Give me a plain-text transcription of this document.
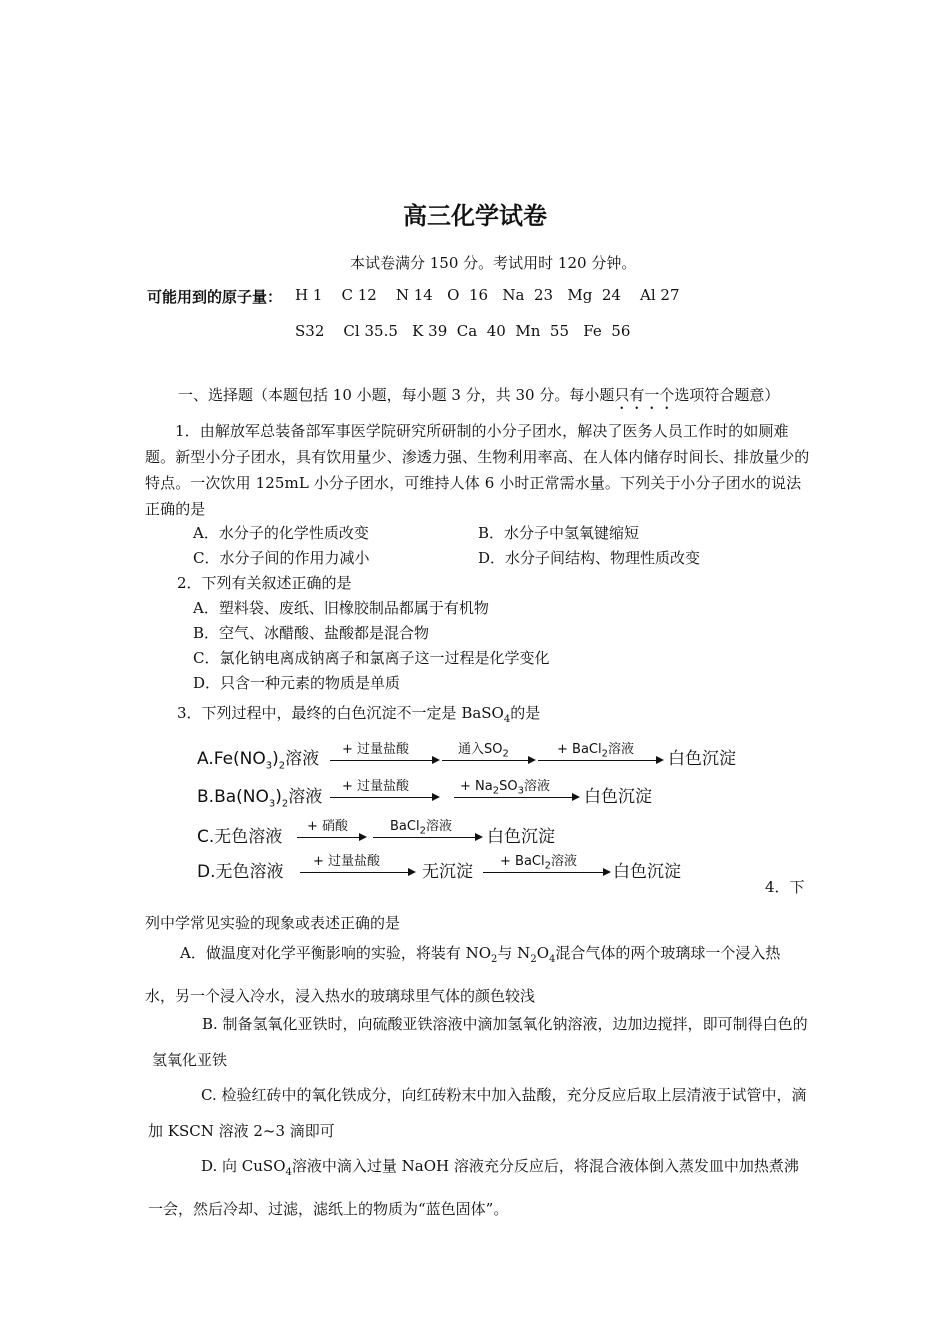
高三化学试卷
本试卷满分 150 分。考试用时 120 分钟。
可能用到的原子量： H 1    C 12    N 14   O  16   Na  23   Mg  24    Al 27
S32    Cl 35.5   K 39  Ca  40  Mn  55   Fe  56
一、选择题（本题包括 10 小题，每小题 3 分，共 30 分。每小题只有一个选项符合题意）
1．由解放军总装备部军事医学院研究所研制的小分子团水，解决了医务人员工作时的如厕难题。新型小分子团水，具有饮用量少、渗透力强、生物利用率高、在人体内储存时间长、排放量少的特点。一次饮用 125mL 小分子团水，可维持人体 6 小时正常需水量。下列关于小分子团水的说法正确的是
A．水分子的化学性质改变	B．水分子中氢氧键缩短
C．水分子间的作用力减小	D．水分子间结构、物理性质改变
2．下列有关叙述正确的是
A．塑料袋、废纸、旧橡胶制品都属于有机物
B．空气、冰醋酸、盐酸都是混合物
C．氯化钠电离成钠离子和氯离子这一过程是化学变化
D．只含一种元素的物质是单质
3．下列过程中，最终的白色沉淀不一定是 BaSO$_4$的是
$A.Fe(NO_3)_2$溶液 + 过量盐酸	通入$SO_2$	+ BaCl$_2$溶液 白色沉淀
$B.Ba(NO_3)_2$溶液
+ 过量盐酸	+ $Na_2SO_3$溶液
白色沉淀
C.无色溶液
+ 硝酸	BaCl$_2$溶液
白色沉淀
D.无色溶液
+ 过量盐酸
无沉淀
+ BaCl$_2$溶液
白色沉淀
4．下
列中学常见实验的现象或表述正确的是
A．做温度对化学平衡影响的实验，将装有 $NO_2$与 $N_2O_4$混合气体的两个玻璃球一个浸入热水，另一个浸入冷水，浸入热水的玻璃球里气体的颜色较浅
B. 制备氢氧化亚铁时，向硫酸亚铁溶液中滴加氢氧化钠溶液，边加边搅拌，即可制得白色的氢氧化亚铁
C. 检验红砖中的氧化铁成分，向红砖粉末中加入盐酸，充分反应后取上层清液于试管中，滴加 KSCN 溶液 2~3 滴即可
D. 向 CuSO$_4$溶液中滴入过量 NaOH 溶液充分反应后，将混合液体倒入蒸发皿中加热煮沸一会，然后冷却、过滤，滤纸上的物质为“蓝色固体”。
